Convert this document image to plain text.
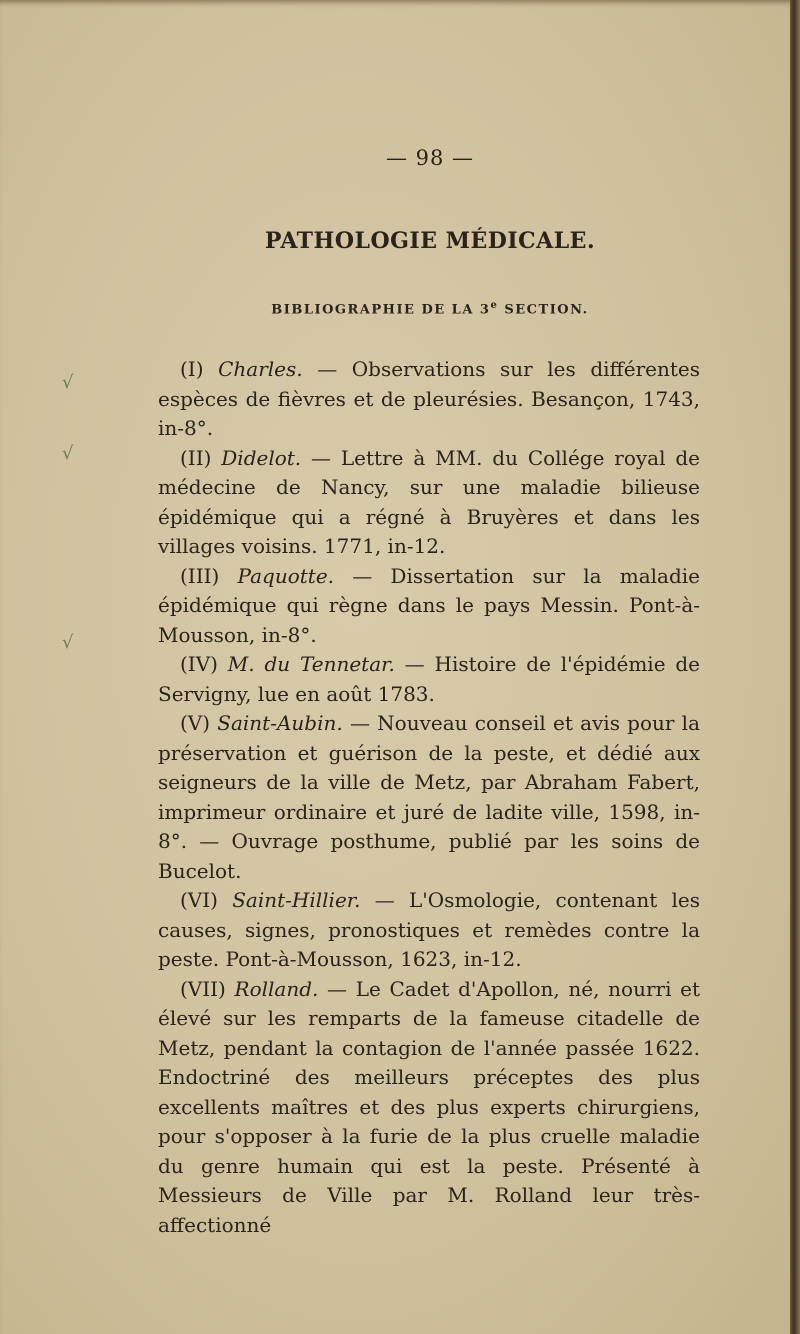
— 98 —
PATHOLOGIE MÉDICALE.
BIBLIOGRAPHIE DE LA 3e SECTION.
√
√
√

(I) Charles. — Observations sur les différentes espèces de fièvres et de pleurésies. Besançon, 1743, in-8°.

(II) Didelot. — Lettre à MM. du Collége royal de médecine de Nancy, sur une maladie bilieuse épidémique qui a régné à Bruyères et dans les villages voisins. 1771, in-12.

(III) Paquotte. — Dissertation sur la maladie épidémique qui règne dans le pays Messin. Pont-à-Mousson, in-8°.

(IV) M. du Tennetar. — Histoire de l'épidémie de Servigny, lue en août 1783.

(V) Saint-Aubin. — Nouveau conseil et avis pour la préservation et guérison de la peste, et dédié aux seigneurs de la ville de Metz, par Abraham Fabert, imprimeur ordinaire et juré de ladite ville, 1598, in-8°. — Ouvrage posthume, publié par les soins de Bucelot.

(VI) Saint-Hillier. — L'Osmologie, contenant les causes, signes, pronostiques et remèdes contre la peste. Pont-à-Mousson, 1623, in-12.

(VII) Rolland. — Le Cadet d'Apollon, né, nourri et élevé sur les remparts de la fameuse citadelle de Metz, pendant la contagion de l'année passée 1622. Endoctriné des meilleurs préceptes des plus excellents maîtres et des plus experts chirurgiens, pour s'opposer à la furie de la plus cruelle maladie du genre humain qui est la peste. Présenté à Messieurs de Ville par M. Rolland leur très-affectionné
